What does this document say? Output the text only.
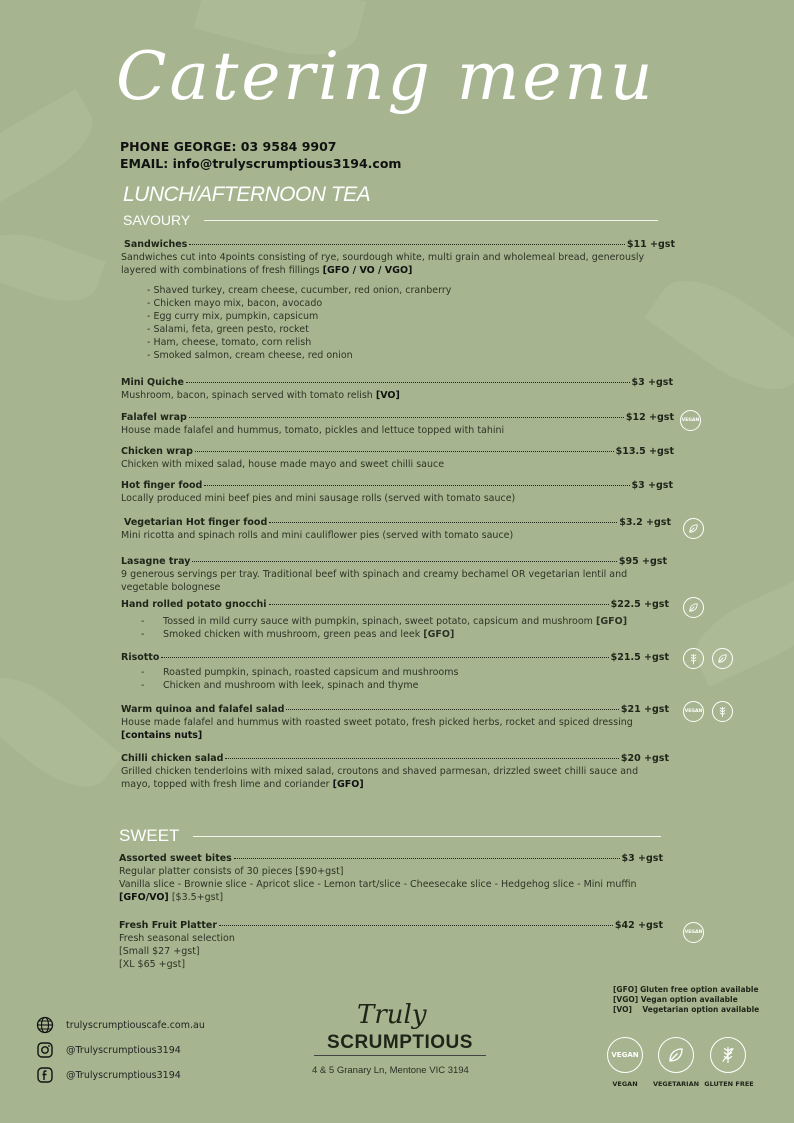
Catering menu
PHONE GEORGE: 03 9584 9907
EMAIL: info@trulyscrumptious3194.com
LUNCH/AFTERNOON TEA
SAVOURY
Sandwiches	$11 +gst
Sandwiches cut into 4points consisting of rye, sourdough white, multi grain and wholemeal bread, generously layered with combinations of fresh fillings [GFO / VO / VGO]
- Shaved turkey, cream cheese, cucumber, red onion, cranberry
- Chicken mayo mix, bacon, avocado
- Egg curry mix, pumpkin, capsicum
- Salami, feta, green pesto, rocket
- Ham, cheese, tomato, corn relish
- Smoked salmon, cream cheese, red onion
Mini Quiche	$3 +gst
Mushroom, bacon, spinach served with tomato relish [VO]
Falafel wrap	$12 +gst
House made falafel and hummus, tomato, pickles and lettuce topped with tahini
VEGAN
Chicken wrap	$13.5 +gst
Chicken with mixed salad, house made mayo and sweet chilli sauce
Hot finger food	$3 +gst
Locally produced mini beef pies and mini sausage rolls (served with tomato sauce)
Vegetarian Hot finger food	$3.2 +gst
Mini ricotta and spinach rolls and mini cauliflower pies (served with tomato sauce)
Lasagne tray	$95 +gst
9 generous servings per tray. Traditional beef with spinach and creamy bechamel OR vegetarian lentil and vegetable bolognese
Hand rolled potato gnocchi	$22.5 +gst
- Tossed in mild curry sauce with pumpkin, spinach, sweet potato, capsicum and mushroom [GFO]
- Smoked chicken with mushroom, green peas and leek [GFO]
Risotto	$21.5 +gst
- Roasted pumpkin, spinach, roasted capsicum and mushrooms
- Chicken and mushroom with leek, spinach and thyme
Warm quinoa and falafel salad	$21 +gst
House made falafel and hummus with roasted sweet potato, fresh picked herbs, rocket and spiced dressing
[contains nuts]
VEGAN
Chilli chicken salad	$20 +gst
Grilled chicken tenderloins with mixed salad, croutons and shaved parmesan, drizzled sweet chilli sauce and mayo, topped with fresh lime and coriander [GFO]
SWEET
Assorted sweet bites	$3 +gst
Regular platter consists of 30 pieces [$90+gst]
Vanilla slice - Brownie slice - Apricot slice - Lemon tart/slice - Cheesecake slice - Hedgehog slice - Mini muffin
[GFO/VO] [$3.5+gst]
Fresh Fruit Platter	$42 +gst
Fresh seasonal selection
[Small $27 +gst]
[XL $65 +gst]
VEGAN
trulyscrumptiouscafe.com.au
@Trulyscrumptious3194
@Trulyscrumptious3194
Truly
SCRUMPTIOUS
4 & 5 Granary Ln, Mentone VIC 3194
[GFO] Gluten free option available
[VGO] Vegan option available
[VO]    Vegetarian option available
VEGAN
VEGAN	VEGETARIAN GLUTEN FREE
